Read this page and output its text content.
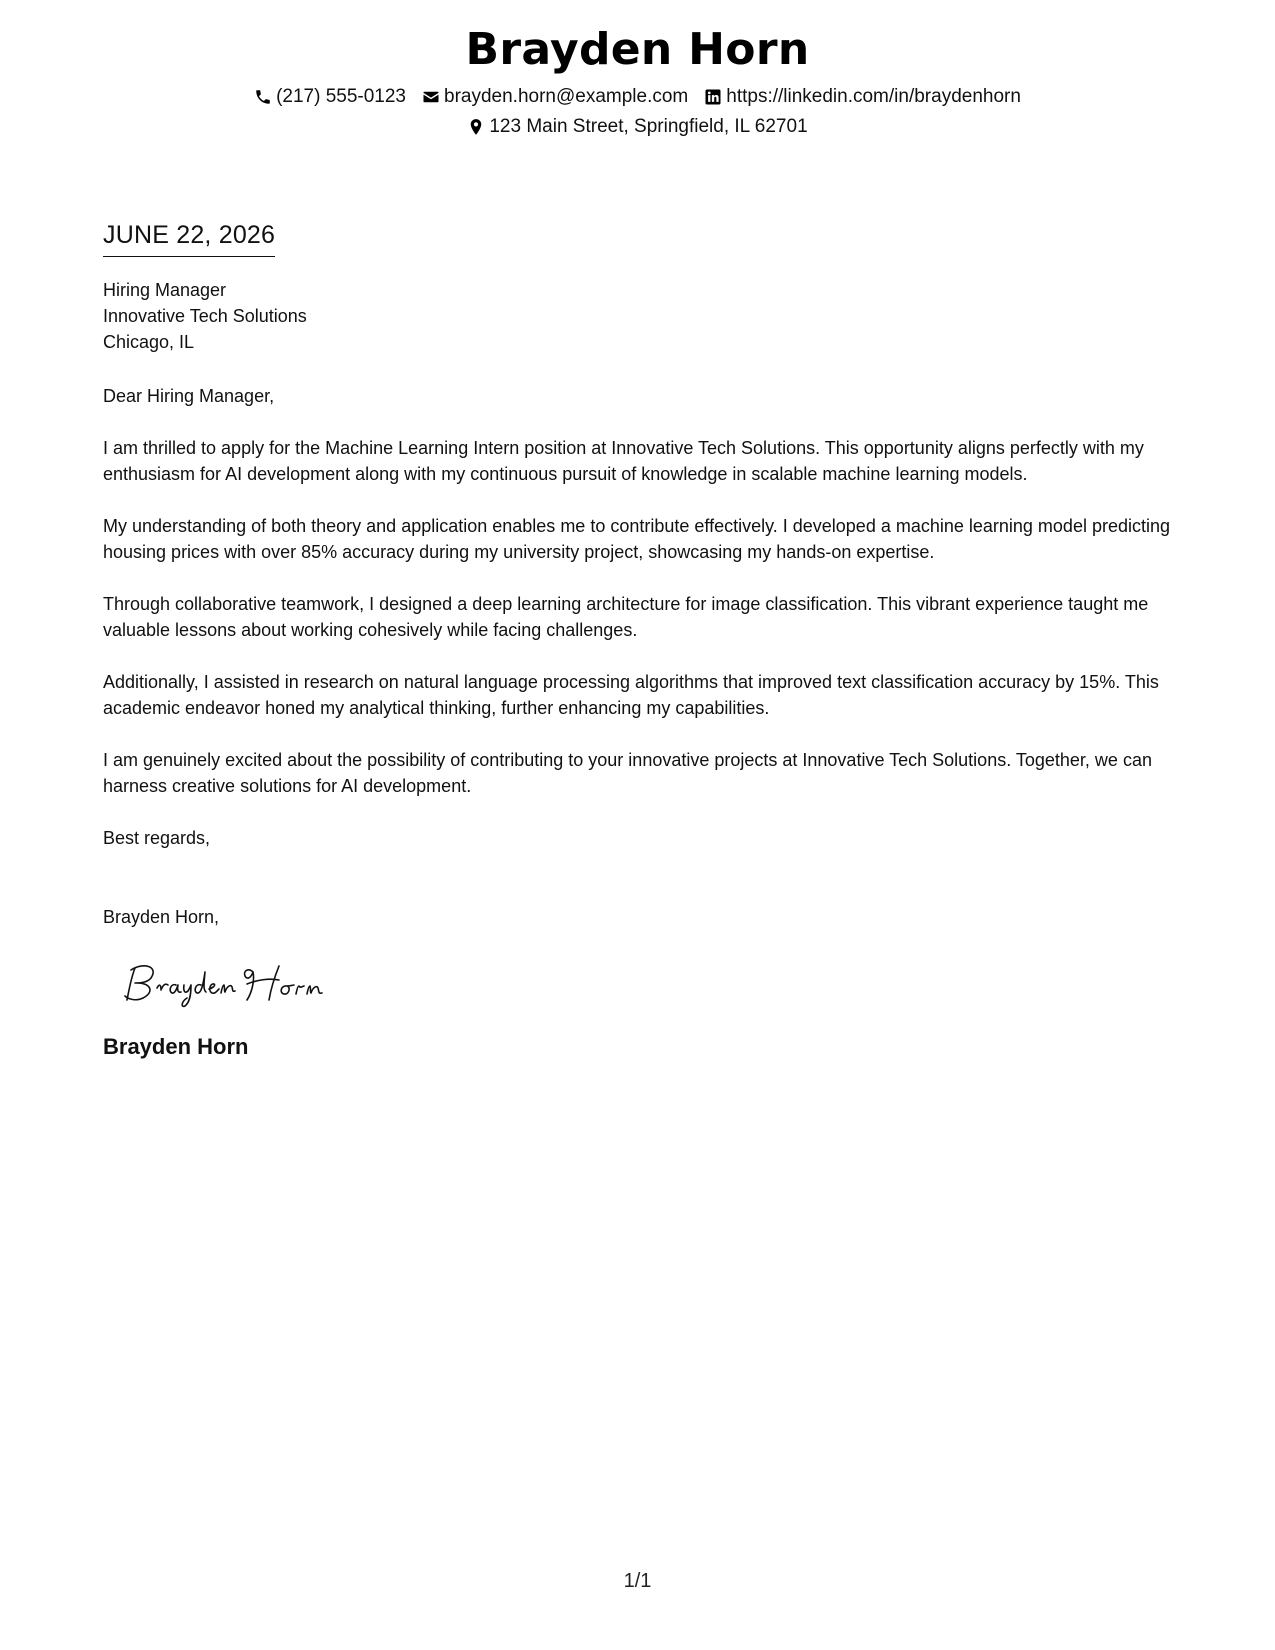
Brayden Horn
(217) 555-0123 brayden.horn@example.com https://linkedin.com/in/braydenhorn
123 Main Street, Springfield, IL 62701
JUNE 22, 2026
Hiring Manager
Innovative Tech Solutions
Chicago, IL
Dear Hiring Manager,
I am thrilled to apply for the Machine Learning Intern position at Innovative Tech Solutions. This opportunity aligns perfectly with my enthusiasm for AI development along with my continuous pursuit of knowledge in scalable machine learning models.
My understanding of both theory and application enables me to contribute effectively. I developed a machine learning model predicting housing prices with over 85% accuracy during my university project, showcasing my hands-on expertise.
Through collaborative teamwork, I designed a deep learning architecture for image classification. This vibrant experience taught me valuable lessons about working cohesively while facing challenges.
Additionally, I assisted in research on natural language processing algorithms that improved text classification accuracy by 15%. This academic endeavor honed my analytical thinking, further enhancing my capabilities.
I am genuinely excited about the possibility of contributing to your innovative projects at Innovative Tech Solutions. Together, we can harness creative solutions for AI development.
Best regards,
Brayden Horn,
Brayden Horn
1/1
